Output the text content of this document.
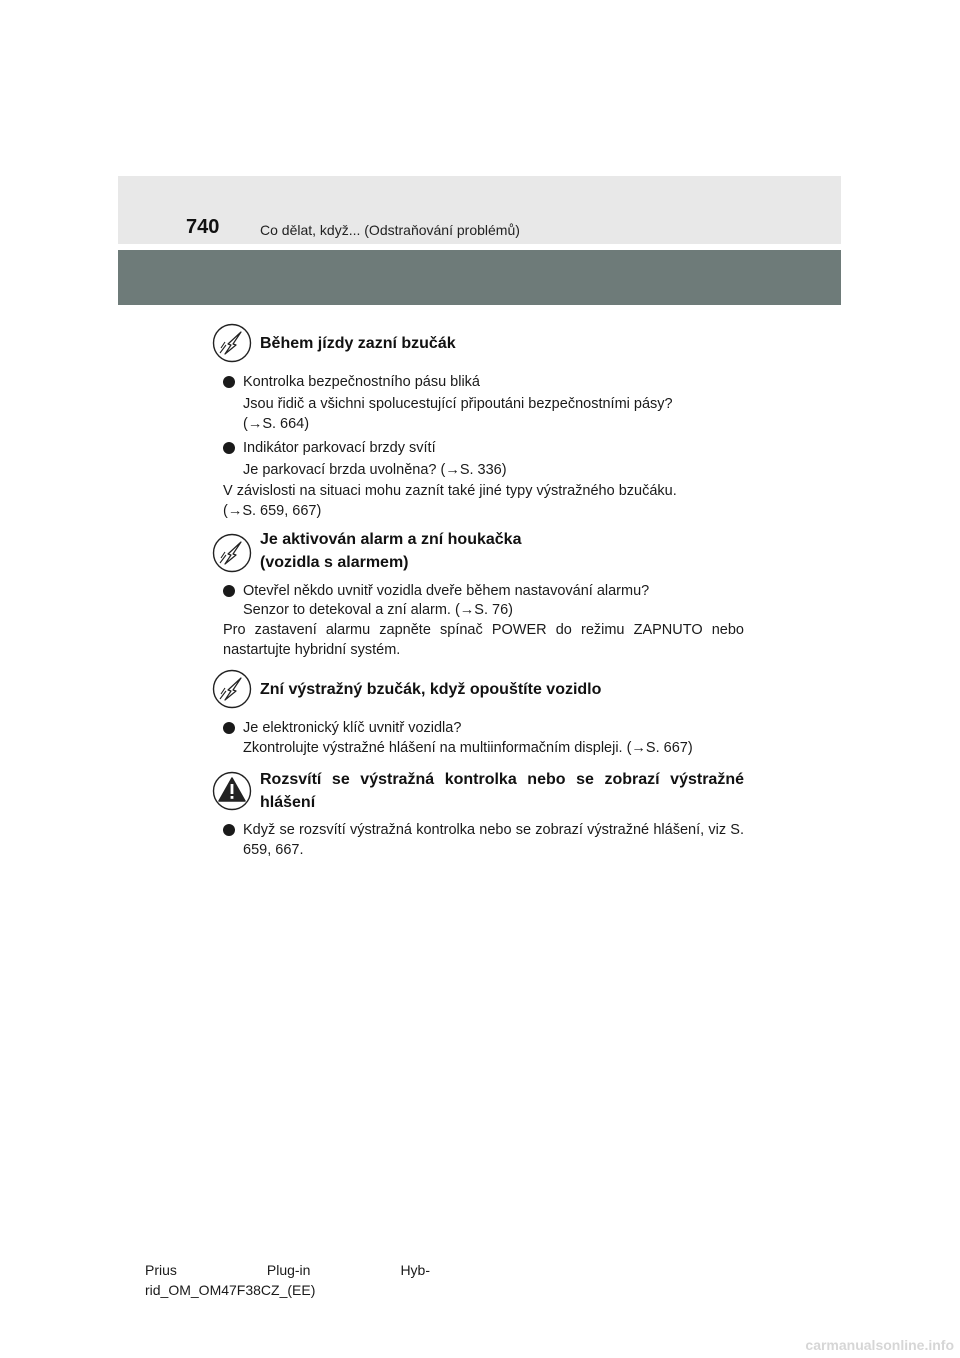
740	Co dělat, když... (Odstraňování problémů)
Během jízdy zazní bzučák
Kontrolka bezpečnostního pásu bliká
Jsou řidič a všichni spolucestující připoutáni bezpečnostními pásy?
(→S. 664)
Indikátor parkovací brzdy svítí
Je parkovací brzda uvolněna? (→S. 336)
V závislosti na situaci mohu zaznít také jiné typy výstražného bzučáku.
(→S. 659, 667)
Je aktivován alarm a zní houkačka
(vozidla s alarmem)
Otevřel někdo uvnitř vozidla dveře během nastavování alarmu?
Senzor to detekoval a zní alarm. (→S. 76)
Pro zastavení alarmu zapněte spínač POWER do režimu ZAPNUTO nebo nastartujte hybridní systém.
Zní výstražný bzučák, když opouštíte vozidlo
Je elektronický klíč uvnitř vozidla?
Zkontrolujte výstražné hlášení na multiinformačním displeji. (→S. 667)
Rozsvítí se výstražná kontrolka nebo se zobrazí výstražné hlášení
Když se rozsvítí výstražná kontrolka nebo se zobrazí výstražné hlášení, viz S. 659, 667.
Prius	Plug-in	Hyb-
rid_OM_OM47F38CZ_(EE)
carmanualsonline.info
